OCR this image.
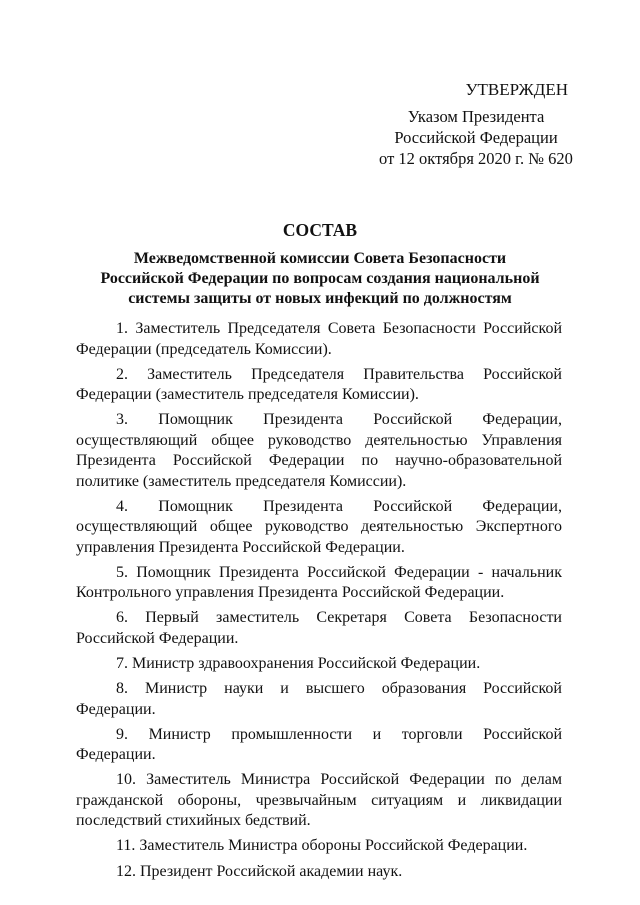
УТВЕРЖДЕН
Указом Президента
Российской Федерации
от 12 октября 2020 г. № 620
СОСТАВ
Межведомственной комиссии Совета Безопасности
Российской Федерации по вопросам создания национальной
системы защиты от новых инфекций по должностям

1. Заместитель Председателя Совета Безопасности Российской Федерации (председатель Комиссии).

2. Заместитель Председателя Правительства Российской Федерации (заместитель председателя Комиссии).

3. Помощник Президента Российской Федерации, осуществляющий общее руководство деятельностью Управления Президента Российской Федерации по научно-образовательной политике (заместитель председателя Комиссии).

4. Помощник Президента Российской Федерации, осуществляющий общее руководство деятельностью Экспертного управления Президента Российской Федерации.

5. Помощник Президента Российской Федерации - начальник Контрольного управления Президента Российской Федерации.

6. Первый заместитель Секретаря Совета Безопасности Российской Федерации.

7. Министр здравоохранения Российской Федерации.

8. Министр науки и высшего образования Российской Федерации.

9. Министр промышленности и торговли Российской Федерации.

10. Заместитель Министра Российской Федерации по делам гражданской обороны, чрезвычайным ситуациям и ликвидации последствий стихийных бедствий.

11. Заместитель Министра обороны Российской Федерации.

12. Президент Российской академии наук.
